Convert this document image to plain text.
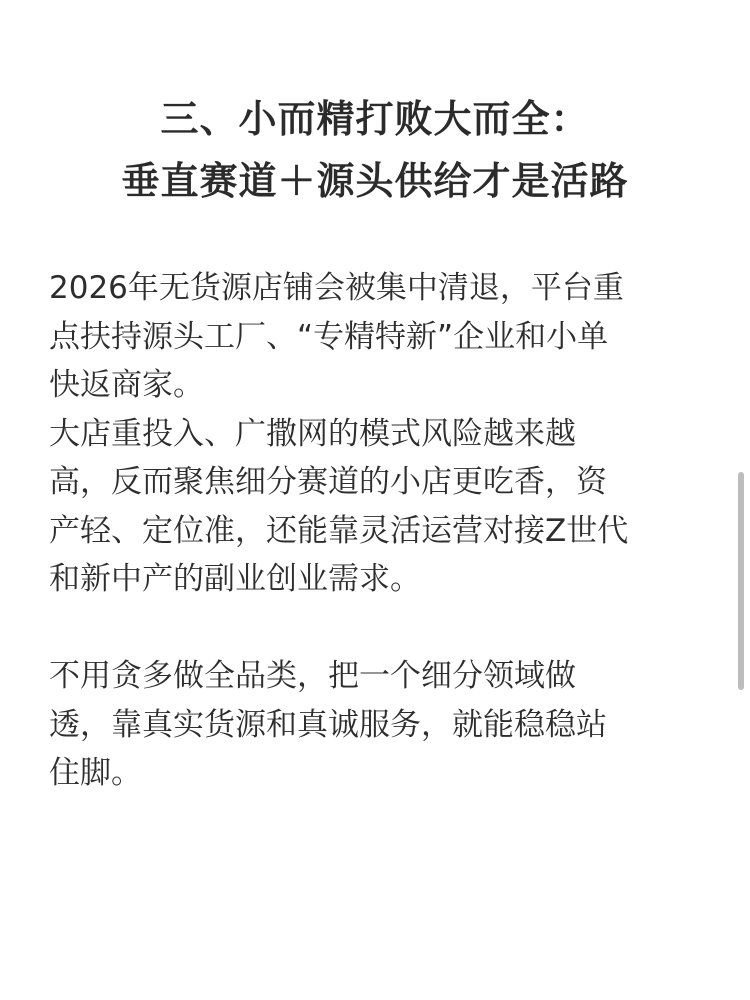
三、小而精打败大而全：
垂直赛道＋源头供给才是活路
2026年无货源店铺会被集中清退，平台重
点扶持源头工厂、“专精特新”企业和小单
快返商家。
大店重投入、广撒网的模式风险越来越
高，反而聚焦细分赛道的小店更吃香，资
产轻、定位准，还能靠灵活运营对接Z世代
和新中产的副业创业需求。
不用贪多做全品类，把一个细分领域做
透，靠真实货源和真诚服务，就能稳稳站
住脚。
